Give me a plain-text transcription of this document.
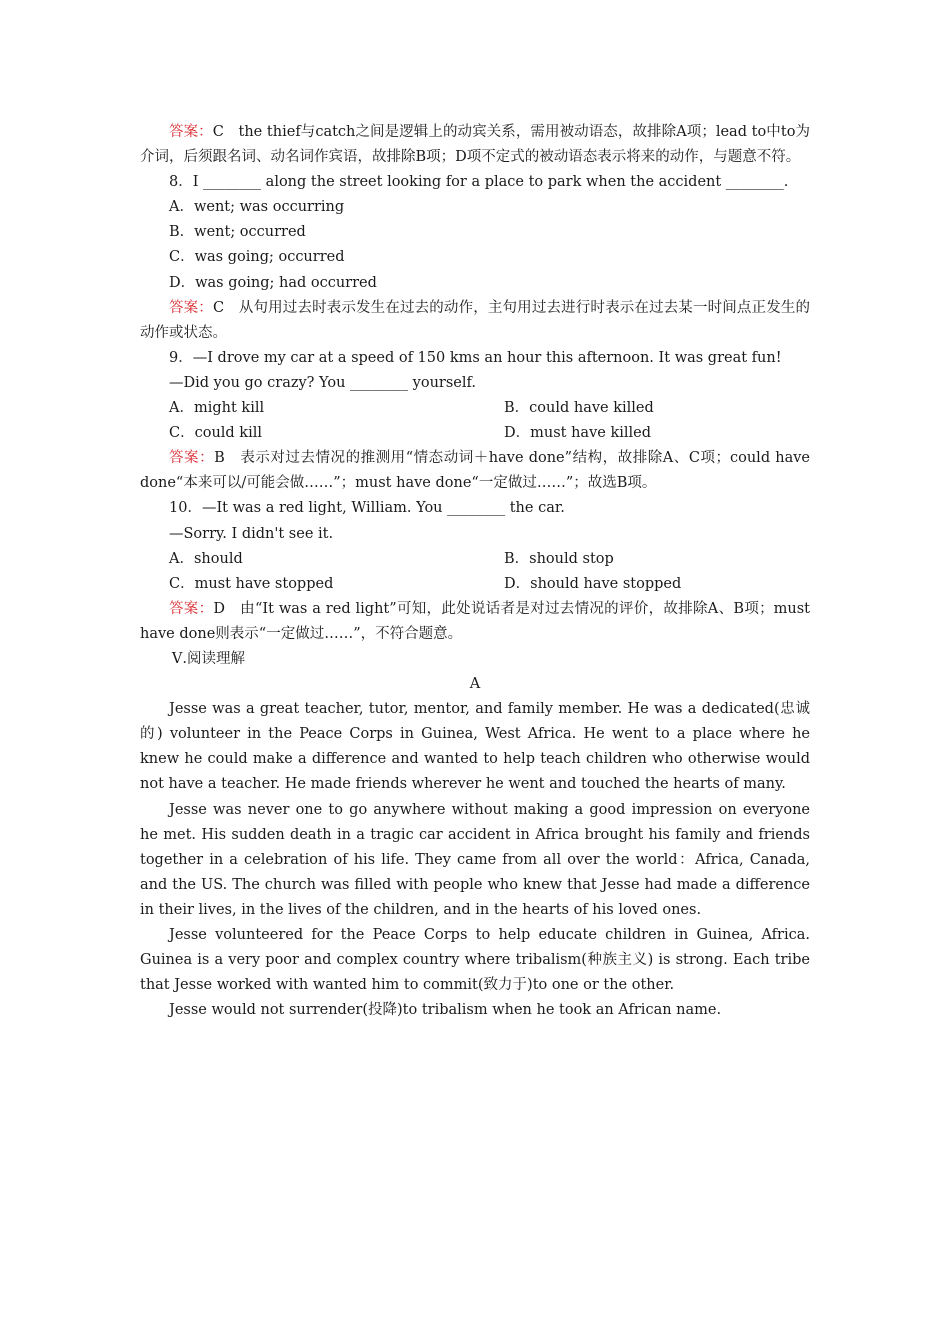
答案：C　the thief与catch之间是逻辑上的动宾关系，需用被动语态，故排除A项；lead to中to为介词，后须跟名词、动名词作宾语，故排除B项；D项不定式的被动语态表示将来的动作，与题意不符。

8．I ________ along the street looking for a place to park when the accident ________.

A．went; was occurring

B．went; occurred

C．was going; occurred

D．was going; had occurred

答案：C　从句用过去时表示发生在过去的动作，主句用过去进行时表示在过去某一时间点正发生的动作或状态。

9．—I drove my car at a speed of 150 kms an hour this afternoon. It was great fun!

—Did you go crazy? You ________ yourself.

A．might kill	B．could have killed
C．could kill	D．must have killed

答案：B　表示对过去情况的推测用“情态动词＋have done”结构，故排除A、C项；could have done“本来可以/可能会做……”；must have done“一定做过……”；故选B项。

10．—It was a red light, William. You ________ the car.

—Sorry. I didn't see it.

A．should	B．should stop
C．must have stopped	D．should have stopped

答案：D　由“It was a red light”可知，此处说话者是对过去情况的评价，故排除A、B项；must have done则表示“一定做过……”，不符合题意。

Ⅴ.阅读理解

A

Jesse was a great teacher, tutor, mentor, and family member. He was a dedicated(忠诚的) volunteer in the Peace Corps in Guinea, West Africa. He went to a place where he knew he could make a difference and wanted to help teach children who otherwise would not have a teacher. He made friends wherever he went and touched the hearts of many.

Jesse was never one to go anywhere without making a good impression on everyone he met. His sudden death in a tragic car accident in Africa brought his family and friends together in a celebration of his life. They came from all over the world：Africa, Canada, and the US. The church was filled with people who knew that Jesse had made a difference in their lives, in the lives of the children, and in the hearts of his loved ones.

Jesse volunteered for the Peace Corps to help educate children in Guinea, Africa. Guinea is a very poor and complex country where tribalism(种族主义) is strong. Each tribe that Jesse worked with wanted him to commit(致力于)to one or the other.

Jesse would not surrender(投降)to tribalism when he took an African name.
